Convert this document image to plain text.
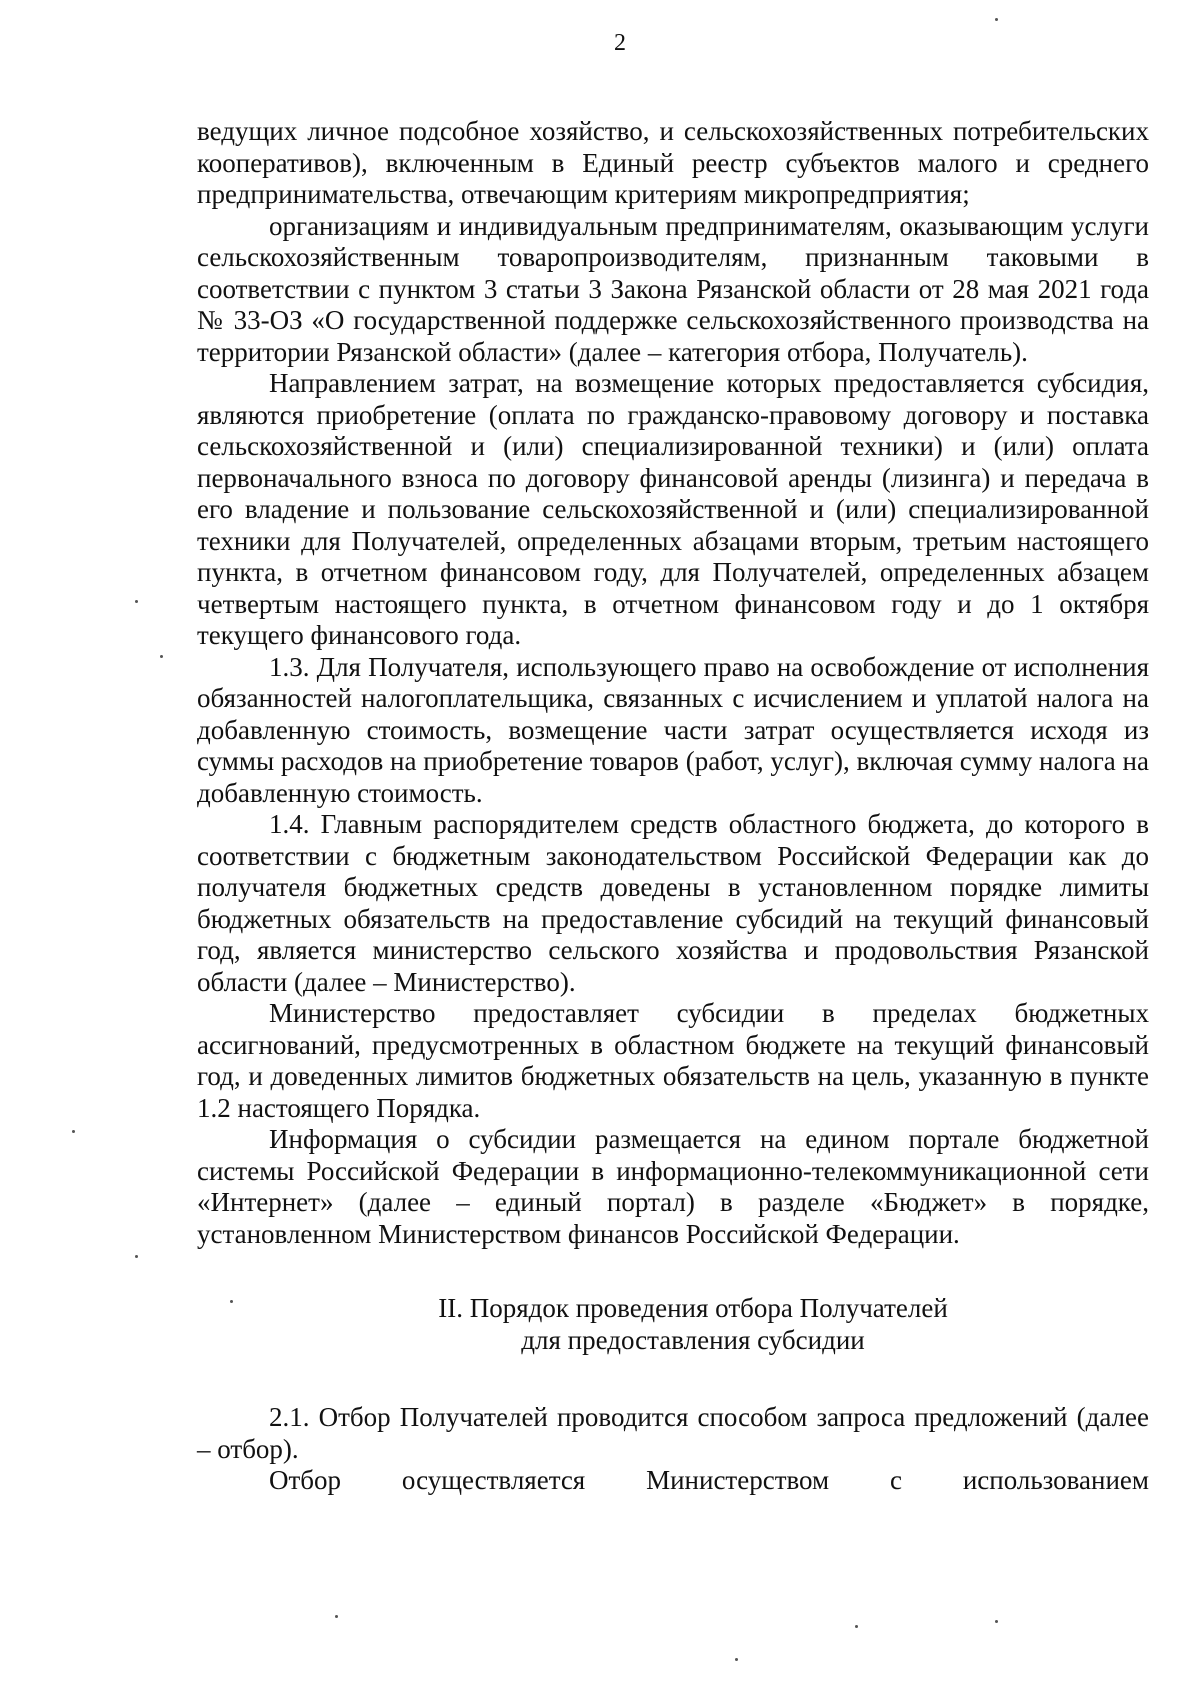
2

ведущих личное подсобное хозяйство, и сельскохозяйственных потребительских кооперативов), включенным в Единый реестр субъектов малого и среднего предпринимательства, отвечающим критериям микропредприятия;

организациям и индивидуальным предпринимателям, оказывающим услуги сельскохозяйственным товаропроизводителям, признанным таковыми в соответствии с пунктом 3 статьи 3 Закона Рязанской области от 28 мая 2021 года № 33-ОЗ «О государственной поддержке сельскохозяйственного производства на территории Рязанской области» (далее – категория отбора, Получатель).

Направлением затрат, на возмещение которых предоставляется субсидия, являются приобретение (оплата по гражданско-правовому договору и поставка сельскохозяйственной и (или) специализированной техники) и (или) оплата первоначального взноса по договору финансовой аренды (лизинга) и передача в его владение и пользование сельскохозяйственной и (или) специализированной техники для Получателей, определенных абзацами вторым, третьим настоящего пункта, в отчетном финансовом году, для Получателей, определенных абзацем четвертым настоящего пункта, в отчетном финансовом году и до 1 октября текущего финансового года.

1.3. Для Получателя, использующего право на освобождение от исполнения обязанностей налогоплательщика, связанных с исчислением и уплатой налога на добавленную стоимость, возмещение части затрат осуществляется исходя из суммы расходов на приобретение товаров (работ, услуг), включая сумму налога на добавленную стоимость.

1.4. Главным распорядителем средств областного бюджета, до которого в соответствии с бюджетным законодательством Российской Федерации как до получателя бюджетных средств доведены в установленном порядке лимиты бюджетных обязательств на предоставление субсидий на текущий финансовый год, является министерство сельского хозяйства и продовольствия Рязанской области (далее – Министерство).

Министерство предоставляет субсидии в пределах бюджетных ассигнований, предусмотренных в областном бюджете на текущий финансовый год, и доведенных лимитов бюджетных обязательств на цель, указанную в пункте 1.2 настоящего Порядка.

Информация о субсидии размещается на едином портале бюджетной системы Российской Федерации в информационно-телекоммуникационной сети «Интернет» (далее – единый портал) в разделе «Бюджет» в порядке, установленном Министерством финансов Российской Федерации.

II. Порядок проведения отбора Получателей
для предоставления субсидии

2.1. Отбор Получателей проводится способом запроса предложений (далее – отбор).

Отбор осуществляется Министерством с использованием
